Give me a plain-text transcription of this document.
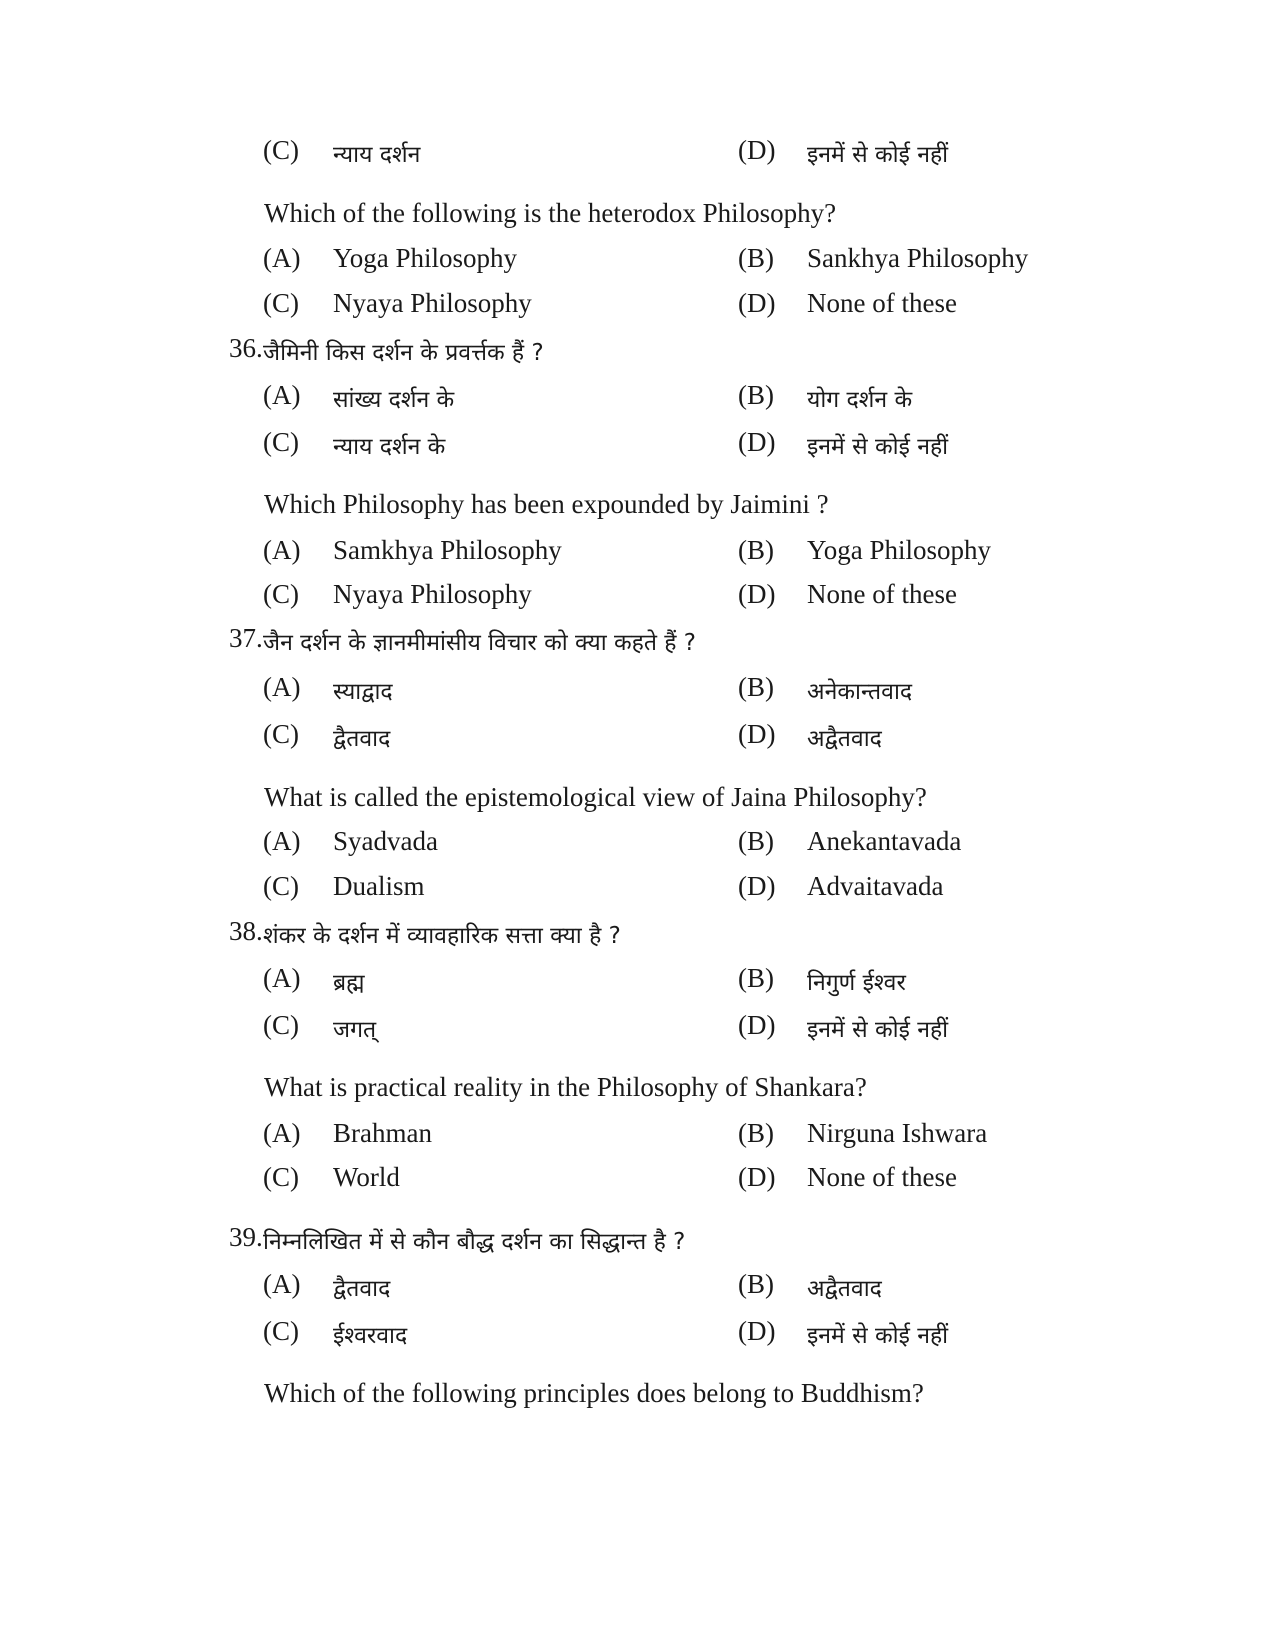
(C) न्याय दर्शन	(D) इनमें से कोई नहीं
Which of the following is the heterodox Philosophy?
(A) Yoga Philosophy	(B) Sankhya Philosophy
(C) Nyaya Philosophy	(D) None of these
36. जैमिनी किस दर्शन के प्रवर्त्तक हैं ?
(A) सांख्य दर्शन के	(B) योग दर्शन के
(C) न्याय दर्शन के	(D) इनमें से कोई नहीं
Which Philosophy has been expounded by Jaimini ?
(A) Samkhya Philosophy	(B) Yoga Philosophy
(C) Nyaya Philosophy	(D) None of these
37. जैन दर्शन के ज्ञानमीमांसीय विचार को क्या कहते हैं ?
(A) स्याद्वाद	(B) अनेकान्तवाद
(C) द्वैतवाद	(D) अद्वैतवाद
What is called the epistemological view of Jaina Philosophy?
(A) Syadvada	(B) Anekantavada
(C) Dualism	(D) Advaitavada
38. शंकर के दर्शन में व्यावहारिक सत्ता क्या है ?
(A) ब्रह्म	(B) निगुर्ण ईश्वर
(C) जगत्	(D) इनमें से कोई नहीं
What is practical reality in the Philosophy of Shankara?
(A) Brahman	(B) Nirguna Ishwara
(C) World	(D) None of these
39. निम्नलिखित में से कौन बौद्ध दर्शन का सिद्धान्त है ?
(A) द्वैतवाद	(B) अद्वैतवाद
(C) ईश्वरवाद	(D) इनमें से कोई नहीं
Which of the following principles does belong to Buddhism?
